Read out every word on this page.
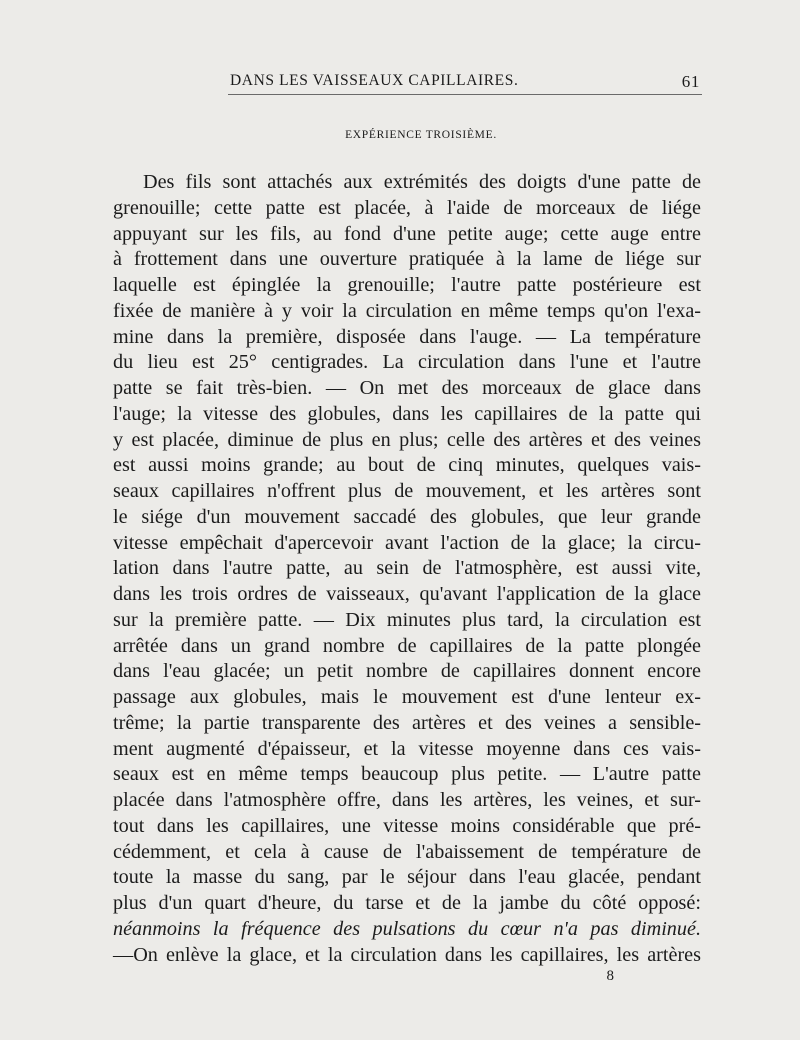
DANS LES VAISSEAUX CAPILLAIRES.	61
EXPÉRIENCE TROISIÈME.
Des fils sont attachés aux extrémités des doigts d'une patte de
grenouille; cette patte est placée, à l'aide de morceaux de liége
appuyant sur les fils, au fond d'une petite auge; cette auge entre
à frottement dans une ouverture pratiquée à la lame de liége sur
laquelle est épinglée la grenouille; l'autre patte postérieure est
fixée de manière à y voir la circulation en même temps qu'on l'exa-
mine dans la première, disposée dans l'auge. — La température
du lieu est 25° centigrades. La circulation dans l'une et l'autre
patte se fait très-bien. — On met des morceaux de glace dans
l'auge; la vitesse des globules, dans les capillaires de la patte qui
y est placée, diminue de plus en plus; celle des artères et des veines
est aussi moins grande; au bout de cinq minutes, quelques vais-
seaux capillaires n'offrent plus de mouvement, et les artères sont
le siége d'un mouvement saccadé des globules, que leur grande
vitesse empêchait d'apercevoir avant l'action de la glace; la circu-
lation dans l'autre patte, au sein de l'atmosphère, est aussi vite,
dans les trois ordres de vaisseaux, qu'avant l'application de la glace
sur la première patte. — Dix minutes plus tard, la circulation est
arrêtée dans un grand nombre de capillaires de la patte plongée
dans l'eau glacée; un petit nombre de capillaires donnent encore
passage aux globules, mais le mouvement est d'une lenteur ex-
trême; la partie transparente des artères et des veines a sensible-
ment augmenté d'épaisseur, et la vitesse moyenne dans ces vais-
seaux est en même temps beaucoup plus petite. — L'autre patte
placée dans l'atmosphère offre, dans les artères, les veines, et sur-
tout dans les capillaires, une vitesse moins considérable que pré-
cédemment, et cela à cause de l'abaissement de température de
toute la masse du sang, par le séjour dans l'eau glacée, pendant
plus d'un quart d'heure, du tarse et de la jambe du côté opposé:
néanmoins la fréquence des pulsations du cœur n'a pas diminué.
—On enlève la glace, et la circulation dans les capillaires, les artères
8
